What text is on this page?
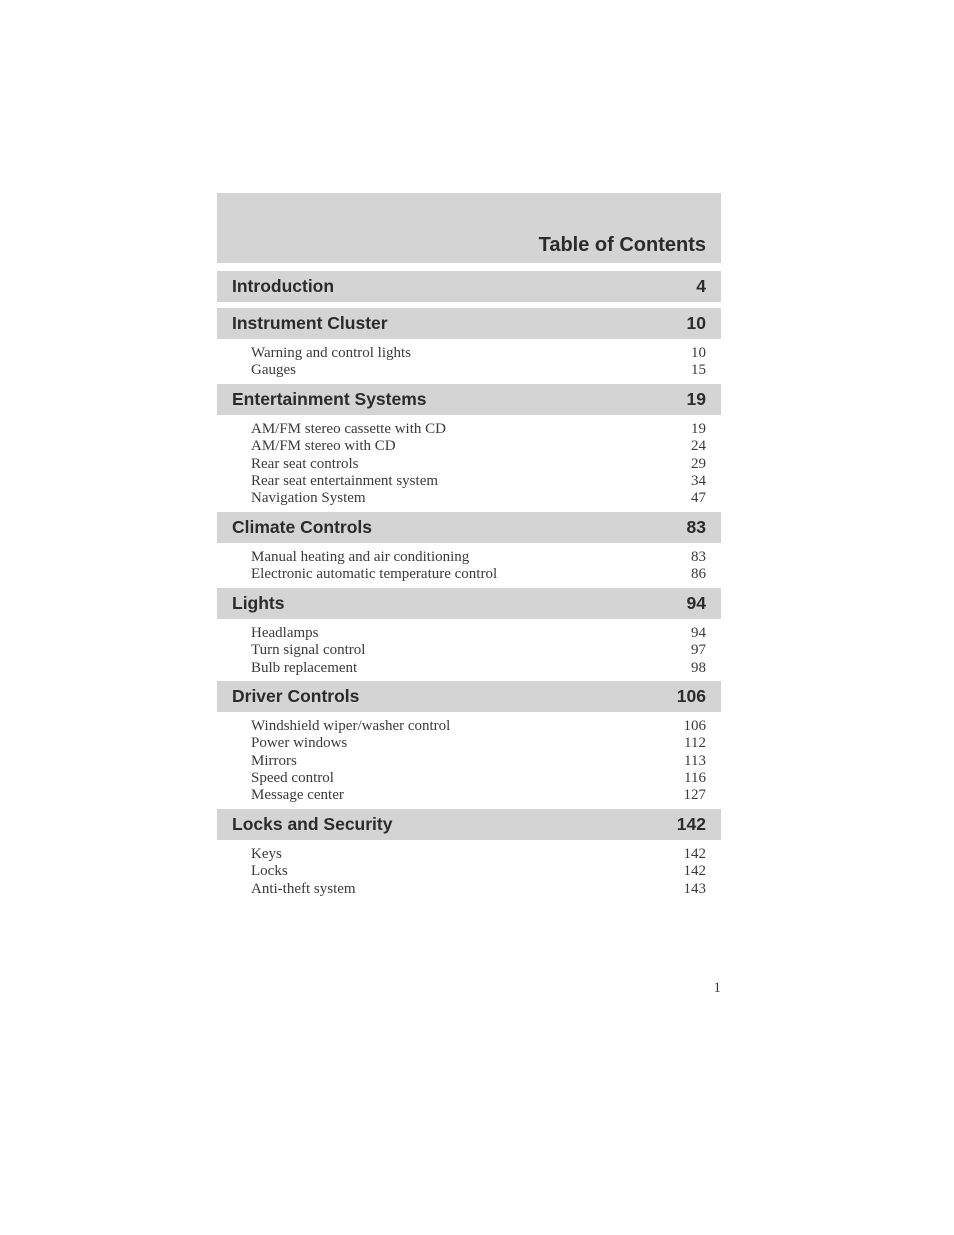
Table of Contents
Introduction	4
Instrument Cluster	10
Warning and control lights	10
Gauges	15
Entertainment Systems	19
AM/FM stereo cassette with CD	19
AM/FM stereo with CD	24
Rear seat controls	29
Rear seat entertainment system	34
Navigation System	47
Climate Controls	83
Manual heating and air conditioning	83
Electronic automatic temperature control	86
Lights	94
Headlamps	94
Turn signal control	97
Bulb replacement	98
Driver Controls	106
Windshield wiper/washer control	106
Power windows	112
Mirrors	113
Speed control	116
Message center	127
Locks and Security	142
Keys	142
Locks	142
Anti-theft system	143
1
